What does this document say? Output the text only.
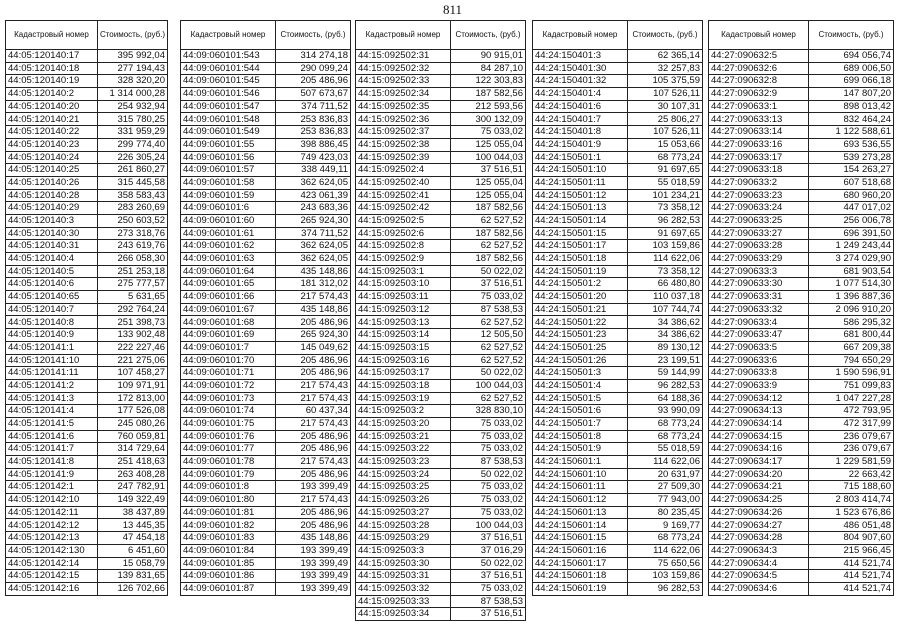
811
Кадастровый номер	Стоимость, (руб.)
44:05:120140:17	395 992,04
44:05:120140:18	277 194,43
44:05:120140:19	328 320,20
44:05:120140:2	1 314 000,28
44:05:120140:20	254 932,94
44:05:120140:21	315 780,25
44:05:120140:22	331 959,29
44:05:120140:23	299 774,40
44:05:120140:24	226 305,24
44:05:120140:25	261 860,27
44:05:120140:26	315 445,58
44:05:120140:28	358 583,43
44:05:120140:29	283 260,69
44:05:120140:3	250 603,52
44:05:120140:30	273 318,76
44:05:120140:31	243 619,76
44:05:120140:4	266 058,30
44:05:120140:5	251 253,18
44:05:120140:6	275 777,57
44:05:120140:65	5 631,65
44:05:120140:7	292 764,24
44:05:120140:8	251 398,73
44:05:120140:9	133 902,48
44:05:120141:1	222 227,46
44:05:120141:10	221 275,06
44:05:120141:11	107 458,27
44:05:120141:2	109 971,91
44:05:120141:3	172 813,00
44:05:120141:4	177 526,08
44:05:120141:5	245 080,26
44:05:120141:6	760 059,81
44:05:120141:7	314 729,64
44:05:120141:8	251 418,63
44:05:120141:9	263 408,28
44:05:120142:1	247 782,91
44:05:120142:10	149 322,49
44:05:120142:11	38 437,89
44:05:120142:12	13 445,35
44:05:120142:13	47 454,18
44:05:120142:130	6 451,60
44:05:120142:14	15 058,79
44:05:120142:15	139 831,65
44:05:120142:16	126 702,66
Кадастровый номер	Стоимость, (руб.)
44:09:060101:543	314 274,18
44:09:060101:544	290 099,24
44:09:060101:545	205 486,96
44:09:060101:546	507 673,67
44:09:060101:547	374 711,52
44:09:060101:548	253 836,83
44:09:060101:549	253 836,83
44:09:060101:55	398 886,45
44:09:060101:56	749 423,03
44:09:060101:57	338 449,11
44:09:060101:58	362 624,05
44:09:060101:59	423 061,39
44:09:060101:6	243 683,36
44:09:060101:60	265 924,30
44:09:060101:61	374 711,52
44:09:060101:62	362 624,05
44:09:060101:63	362 624,05
44:09:060101:64	435 148,86
44:09:060101:65	181 312,02
44:09:060101:66	217 574,43
44:09:060101:67	435 148,86
44:09:060101:68	205 486,96
44:09:060101:69	265 924,30
44:09:060101:7	145 049,62
44:09:060101:70	205 486,96
44:09:060101:71	205 486,96
44:09:060101:72	217 574,43
44:09:060101:73	217 574,43
44:09:060101:74	60 437,34
44:09:060101:75	217 574,43
44:09:060101:76	205 486,96
44:09:060101:77	205 486,96
44:09:060101:78	217 574,43
44:09:060101:79	205 486,96
44:09:060101:8	193 399,49
44:09:060101:80	217 574,43
44:09:060101:81	205 486,96
44:09:060101:82	205 486,96
44:09:060101:83	435 148,86
44:09:060101:84	193 399,49
44:09:060101:85	193 399,49
44:09:060101:86	193 399,49
44:09:060101:87	193 399,49
Кадастровый номер	Стоимость, (руб.)
44:15:092502:31	90 915,01
44:15:092502:32	84 287,10
44:15:092502:33	122 303,83
44:15:092502:34	187 582,56
44:15:092502:35	212 593,56
44:15:092502:36	300 132,09
44:15:092502:37	75 033,02
44:15:092502:38	125 055,04
44:15:092502:39	100 044,03
44:15:092502:4	37 516,51
44:15:092502:40	125 055,04
44:15:092502:41	125 055,04
44:15:092502:42	187 582,56
44:15:092502:5	62 527,52
44:15:092502:6	187 582,56
44:15:092502:8	62 527,52
44:15:092502:9	187 582,56
44:15:092503:1	50 022,02
44:15:092503:10	37 516,51
44:15:092503:11	75 033,02
44:15:092503:12	87 538,53
44:15:092503:13	62 527,52
44:15:092503:14	12 505,50
44:15:092503:15	62 527,52
44:15:092503:16	62 527,52
44:15:092503:17	50 022,02
44:15:092503:18	100 044,03
44:15:092503:19	62 527,52
44:15:092503:2	328 830,10
44:15:092503:20	75 033,02
44:15:092503:21	75 033,02
44:15:092503:22	75 033,02
44:15:092503:23	87 538,53
44:15:092503:24	50 022,02
44:15:092503:25	75 033,02
44:15:092503:26	75 033,02
44:15:092503:27	75 033,02
44:15:092503:28	100 044,03
44:15:092503:29	37 516,51
44:15:092503:3	37 016,29
44:15:092503:30	50 022,02
44:15:092503:31	37 516,51
44:15:092503:32	75 033,02
44:15:092503:33	87 538,53
44:15:092503:34	37 516,51
Кадастровый номер	Стоимость, (руб.)
44:24:150401:3	62 365,14
44:24:150401:30	32 257,83
44:24:150401:32	105 375,59
44:24:150401:4	107 526,11
44:24:150401:6	30 107,31
44:24:150401:7	25 806,27
44:24:150401:8	107 526,11
44:24:150401:9	15 053,66
44:24:150501:1	68 773,24
44:24:150501:10	91 697,65
44:24:150501:11	55 018,59
44:24:150501:12	101 234,21
44:24:150501:13	73 358,12
44:24:150501:14	96 282,53
44:24:150501:15	91 697,65
44:24:150501:17	103 159,86
44:24:150501:18	114 622,06
44:24:150501:19	73 358,12
44:24:150501:2	66 480,80
44:24:150501:20	110 037,18
44:24:150501:21	107 744,74
44:24:150501:22	34 386,62
44:24:150501:23	34 386,62
44:24:150501:25	89 130,12
44:24:150501:26	23 199,51
44:24:150501:3	59 144,99
44:24:150501:4	96 282,53
44:24:150501:5	64 188,36
44:24:150501:6	93 990,09
44:24:150501:7	68 773,24
44:24:150501:8	68 773,24
44:24:150501:9	55 018,59
44:24:150601:1	114 622,06
44:24:150601:10	20 631,97
44:24:150601:11	27 509,30
44:24:150601:12	77 943,00
44:24:150601:13	80 235,45
44:24:150601:14	9 169,77
44:24:150601:15	68 773,24
44:24:150601:16	114 622,06
44:24:150601:17	75 650,56
44:24:150601:18	103 159,86
44:24:150601:19	96 282,53
Кадастровый номер	Стоимость, (руб.)
44:27:090632:5	694 056,74
44:27:090632:6	689 006,50
44:27:090632:8	699 066,18
44:27:090632:9	147 807,20
44:27:090633:1	898 013,42
44:27:090633:13	832 464,24
44:27:090633:14	1 122 588,61
44:27:090633:16	693 536,55
44:27:090633:17	539 273,28
44:27:090633:18	154 263,27
44:27:090633:2	607 518,68
44:27:090633:23	680 960,20
44:27:090633:24	447 017,02
44:27:090633:25	256 006,78
44:27:090633:27	696 391,50
44:27:090633:28	1 249 243,44
44:27:090633:29	3 274 029,90
44:27:090633:3	681 903,54
44:27:090633:30	1 077 514,30
44:27:090633:31	1 396 887,36
44:27:090633:32	2 096 910,20
44:27:090633:4	586 295,32
44:27:090633:47	681 800,44
44:27:090633:5	667 209,38
44:27:090633:6	794 650,29
44:27:090633:8	1 590 596,91
44:27:090633:9	751 099,83
44:27:090634:12	1 047 227,28
44:27:090634:13	472 793,95
44:27:090634:14	472 317,99
44:27:090634:15	236 079,67
44:27:090634:16	236 079,67
44:27:090634:17	1 229 581,59
44:27:090634:20	22 663,42
44:27:090634:21	715 188,60
44:27:090634:25	2 803 414,74
44:27:090634:26	1 523 676,86
44:27:090634:27	486 051,48
44:27:090634:28	804 907,60
44:27:090634:3	215 966,45
44:27:090634:4	414 521,74
44:27:090634:5	414 521,74
44:27:090634:6	414 521,74
